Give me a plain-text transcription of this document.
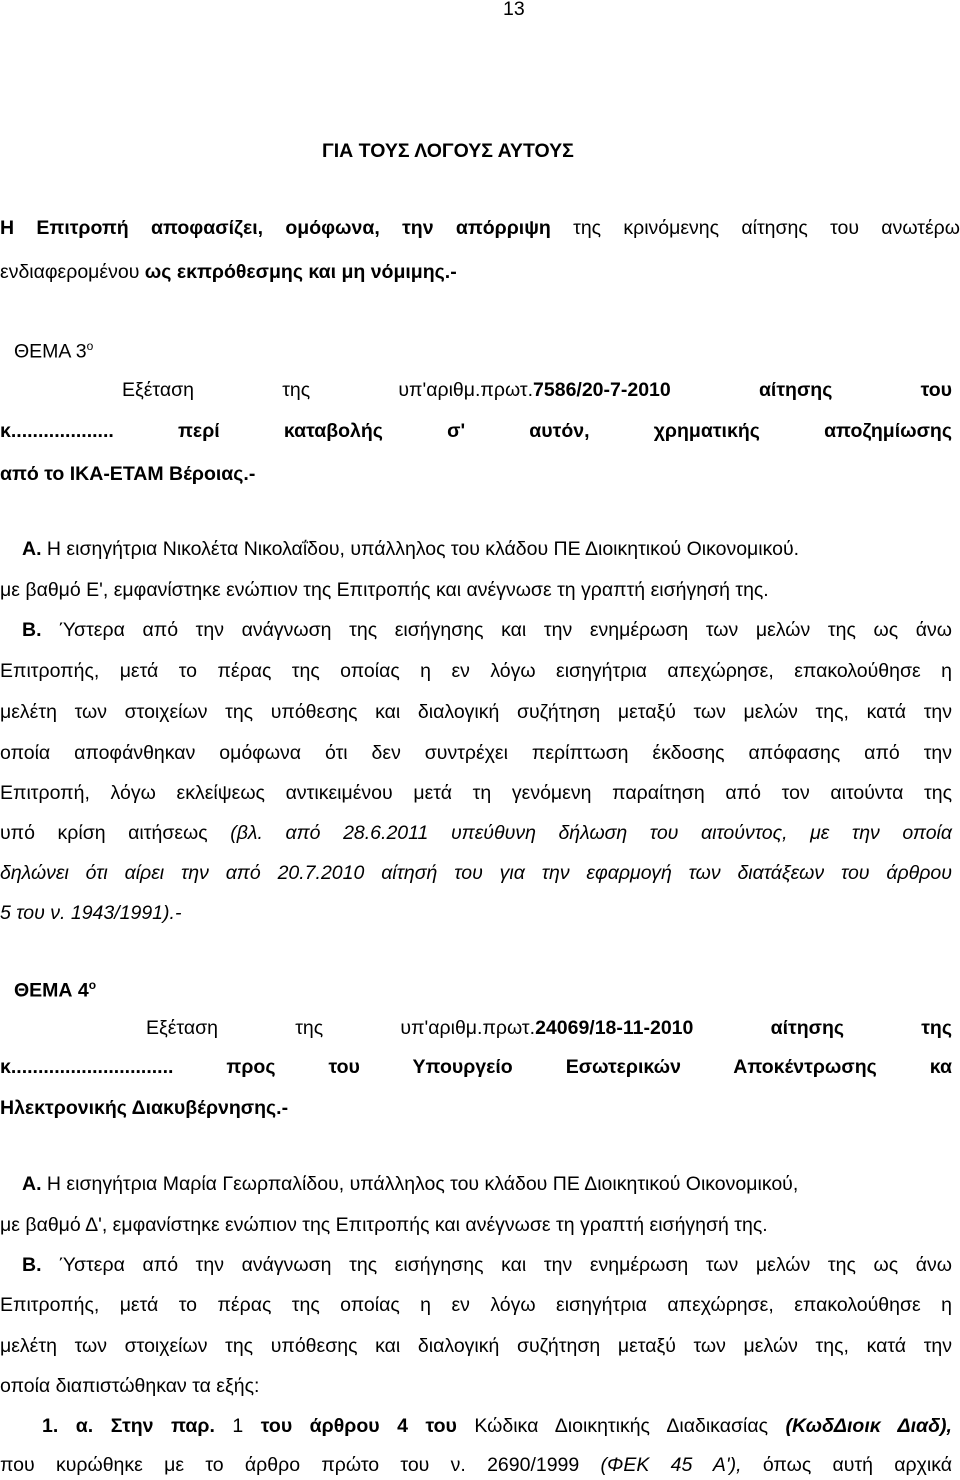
13
ΓΙΑ ΤΟΥΣ ΛΟΓΟΥΣ ΑΥΤΟΥΣ
Η Επιτροπή αποφασίζει, ομόφωνα, την απόρριψη της κρινόμενης αίτησης του ανωτέρω
ενδιαφερομένου ως εκπρόθεσμης και μη νόμιμης.-
ΘΕΜΑ $3^o$
Εξέταση της υπ'αριθμ.πρωτ.7586/20-7-2010 αίτησης του
κ................... περί καταβολής σ' αυτόν, χρηματικής αποζημίωσης
από το ΙΚΑ-ΕΤΑΜ Βέροιας.-
Α. Η εισηγήτρια Νικολέτα Νικολαΐδου, υπάλληλος του κλάδου ΠΕ Διοικητικού Οικονομικού.
με βαθμό Ε', εμφανίστηκε ενώπιον της Επιτροπής και ανέγνωσε τη γραπτή εισήγησή της.
Β. Ύστερα από την ανάγνωση της εισήγησης και την ενημέρωση των μελών της ως άνω
Επιτροπής, μετά το πέρας της οποίας η εν λόγω εισηγήτρια απεχώρησε, επακολούθησε η
μελέτη των στοιχείων της υπόθεσης και διαλογική συζήτηση μεταξύ των μελών της, κατά την
οποία αποφάνθηκαν ομόφωνα ότι δεν συντρέχει περίπτωση έκδοσης απόφασης από την
Επιτροπή, λόγω εκλείψεως αντικειμένου μετά τη γενόμενη παραίτηση από τον αιτούντα της
υπό κρίση αιτήσεως (βλ. από 28.6.2011 υπεύθυνη δήλωση του αιτούντος, με την οποία
δηλώνει ότι αίρει την από 20.7.2010 αίτησή του για την εφαρμογή των διατάξεων του άρθρου
5 του ν. 1943/1991).-
ΘΕΜΑ $4^o$
Εξέταση της υπ'αριθμ.πρωτ.24069/18-11-2010 αίτησης της
κ.............................. προς του Υπουργείο Εσωτερικών Αποκέντρωσης κα
Ηλεκτρονικής Διακυβέρνησης.-
Α. Η εισηγήτρια Μαρία Γεωρπαλίδου, υπάλληλος του κλάδου ΠΕ Διοικητικού Οικονομικού,
με βαθμό Δ', εμφανίστηκε ενώπιον της Επιτροπής και ανέγνωσε τη γραπτή εισήγησή της.
Β. Ύστερα από την ανάγνωση της εισήγησης και την ενημέρωση των μελών της ως άνω
Επιτροπής, μετά το πέρας της οποίας η εν λόγω εισηγήτρια απεχώρησε, επακολούθησε η
μελέτη των στοιχείων της υπόθεσης και διαλογική συζήτηση μεταξύ των μελών της, κατά την
οποία διαπιστώθηκαν τα εξής:
1. α. Στην παρ. 1 του άρθρου 4 του Κώδικα Διοικητικής Διαδικασίας (ΚωδΔιοικ Διαδ),
που κυρώθηκε με το άρθρο πρώτο του ν. 2690/1999 (ΦΕΚ 45 Α'), όπως αυτή αρχικά
